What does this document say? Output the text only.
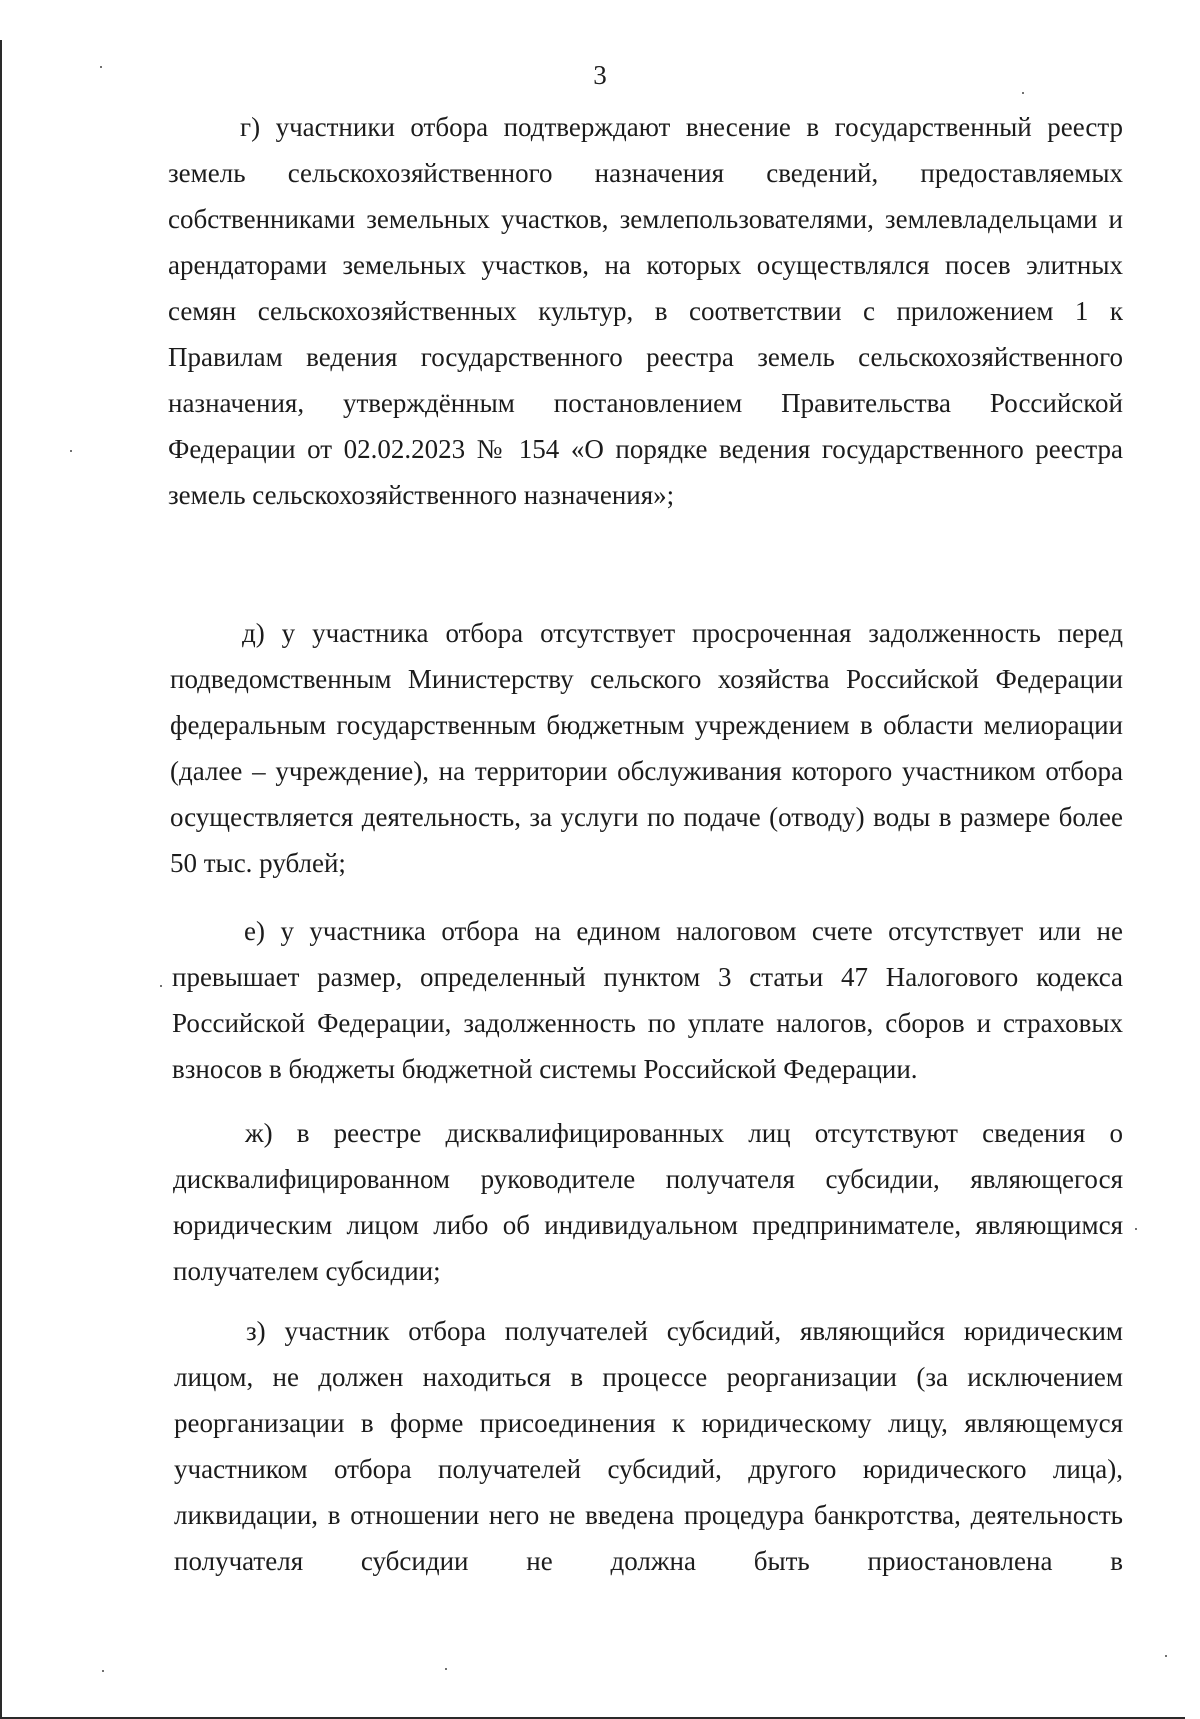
3

г) участники отбора подтверждают внесение в государственный реестр земель сельскохозяйственного назначения сведений, предоставляемых собственниками земельных участков, землепользователями, землевладельцами и арендаторами земельных участков, на которых осуществлялся посев элитных семян сельскохозяйственных культур, в соответствии с приложением 1 к Правилам ведения государственного реестра земель сельскохозяйственного назначения, утверждённым постановлением Правительства Российской Федерации от 02.02.2023 № 154 «О порядке ведения государственного реестра земель сельскохозяйственного назначения»;

д) у участника отбора отсутствует просроченная задолженность перед подведомственным Министерству сельского хозяйства Российской Федерации федеральным государственным бюджетным учреждением в области мелиорации (далее – учреждение), на территории обслуживания которого участником отбора осуществляется деятельность, за услуги по подаче (отводу) воды в размере более 50 тыс. рублей;

е) у участника отбора на едином налоговом счете отсутствует или не превышает размер, определенный пунктом 3 статьи 47 Налогового кодекса Российской Федерации, задолженность по уплате налогов, сборов и страховых взносов в бюджеты бюджетной системы Российской Федерации.

ж) в реестре дисквалифицированных лиц отсутствуют сведения о дисквалифицированном руководителе получателя субсидии, являющегося юридическим лицом либо об индивидуальном предпринимателе, являющимся получателем субсидии;

з) участник отбора получателей субсидий, являющийся юридическим лицом, не должен находиться в процессе реорганизации (за исключением реорганизации в форме присоединения к юридическому лицу, являющемуся участником отбора получателей субсидий, другого юридического лица), ликвидации, в отношении него не введена процедура банкротства, деятельность получателя субсидии не должна быть приостановлена в
